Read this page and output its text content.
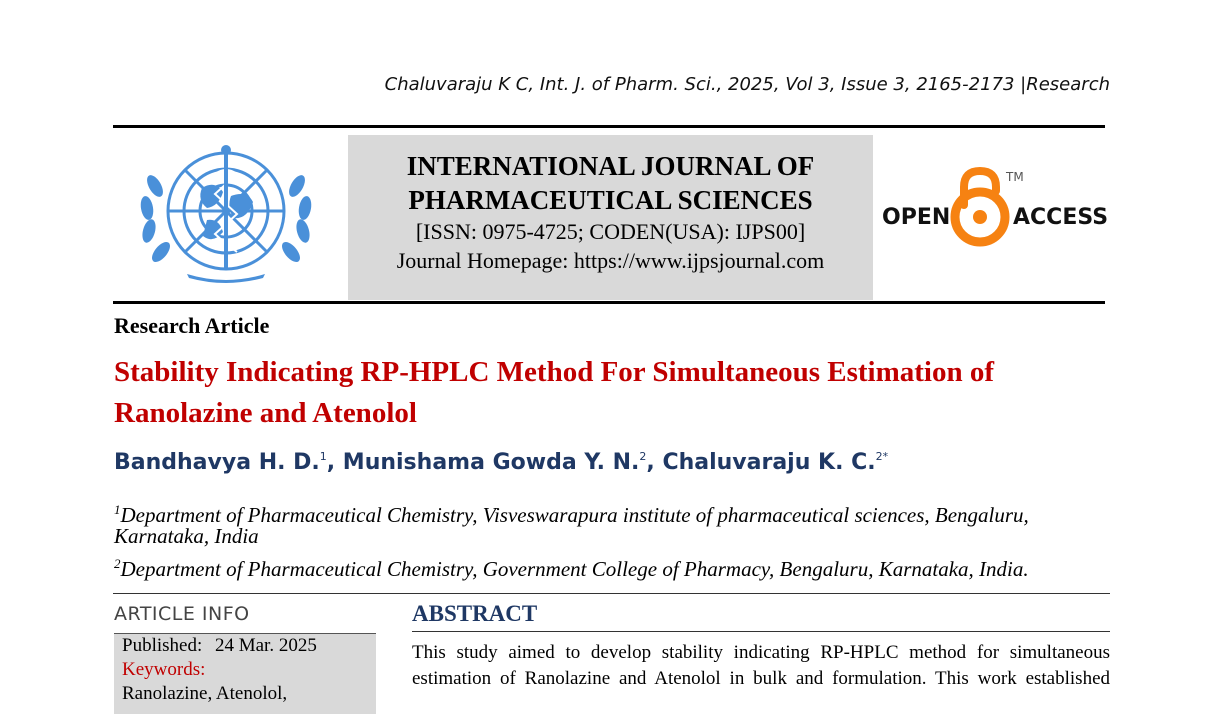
Chaluvaraju K C, Int. J. of Pharm. Sci., 2025, Vol 3, Issue 3, 2165-2173 |Research
INTERNATIONAL JOURNAL OF
PHARMACEUTICAL SCIENCES
[ISSN: 0975-4725; CODEN(USA): IJPS00]
Journal Homepage: https://www.ijpsjournal.com
OPEN	ACCESS
TM
Research Article
Stability Indicating RP-HPLC Method For Simultaneous Estimation of
Ranolazine and Atenolol
Bandhavya H. D.$^1$, Munishama Gowda Y. N.$^2$, Chaluvaraju K. C.$^{2*}$
$^1$Department of Pharmaceutical Chemistry, Visveswarapura institute of pharmaceutical sciences, Bengaluru,
Karnataka, India
$^2$Department of Pharmaceutical Chemistry, Government College of Pharmacy, Bengaluru, Karnataka, India.
ARTICLE INFO
Published: 24 Mar. 2025
Keywords:
Ranolazine, Atenolol,
ABSTRACT
This study aimed to develop stability indicating RP-HPLC method for simultaneous
estimation of Ranolazine and Atenolol in bulk and formulation. This work established
